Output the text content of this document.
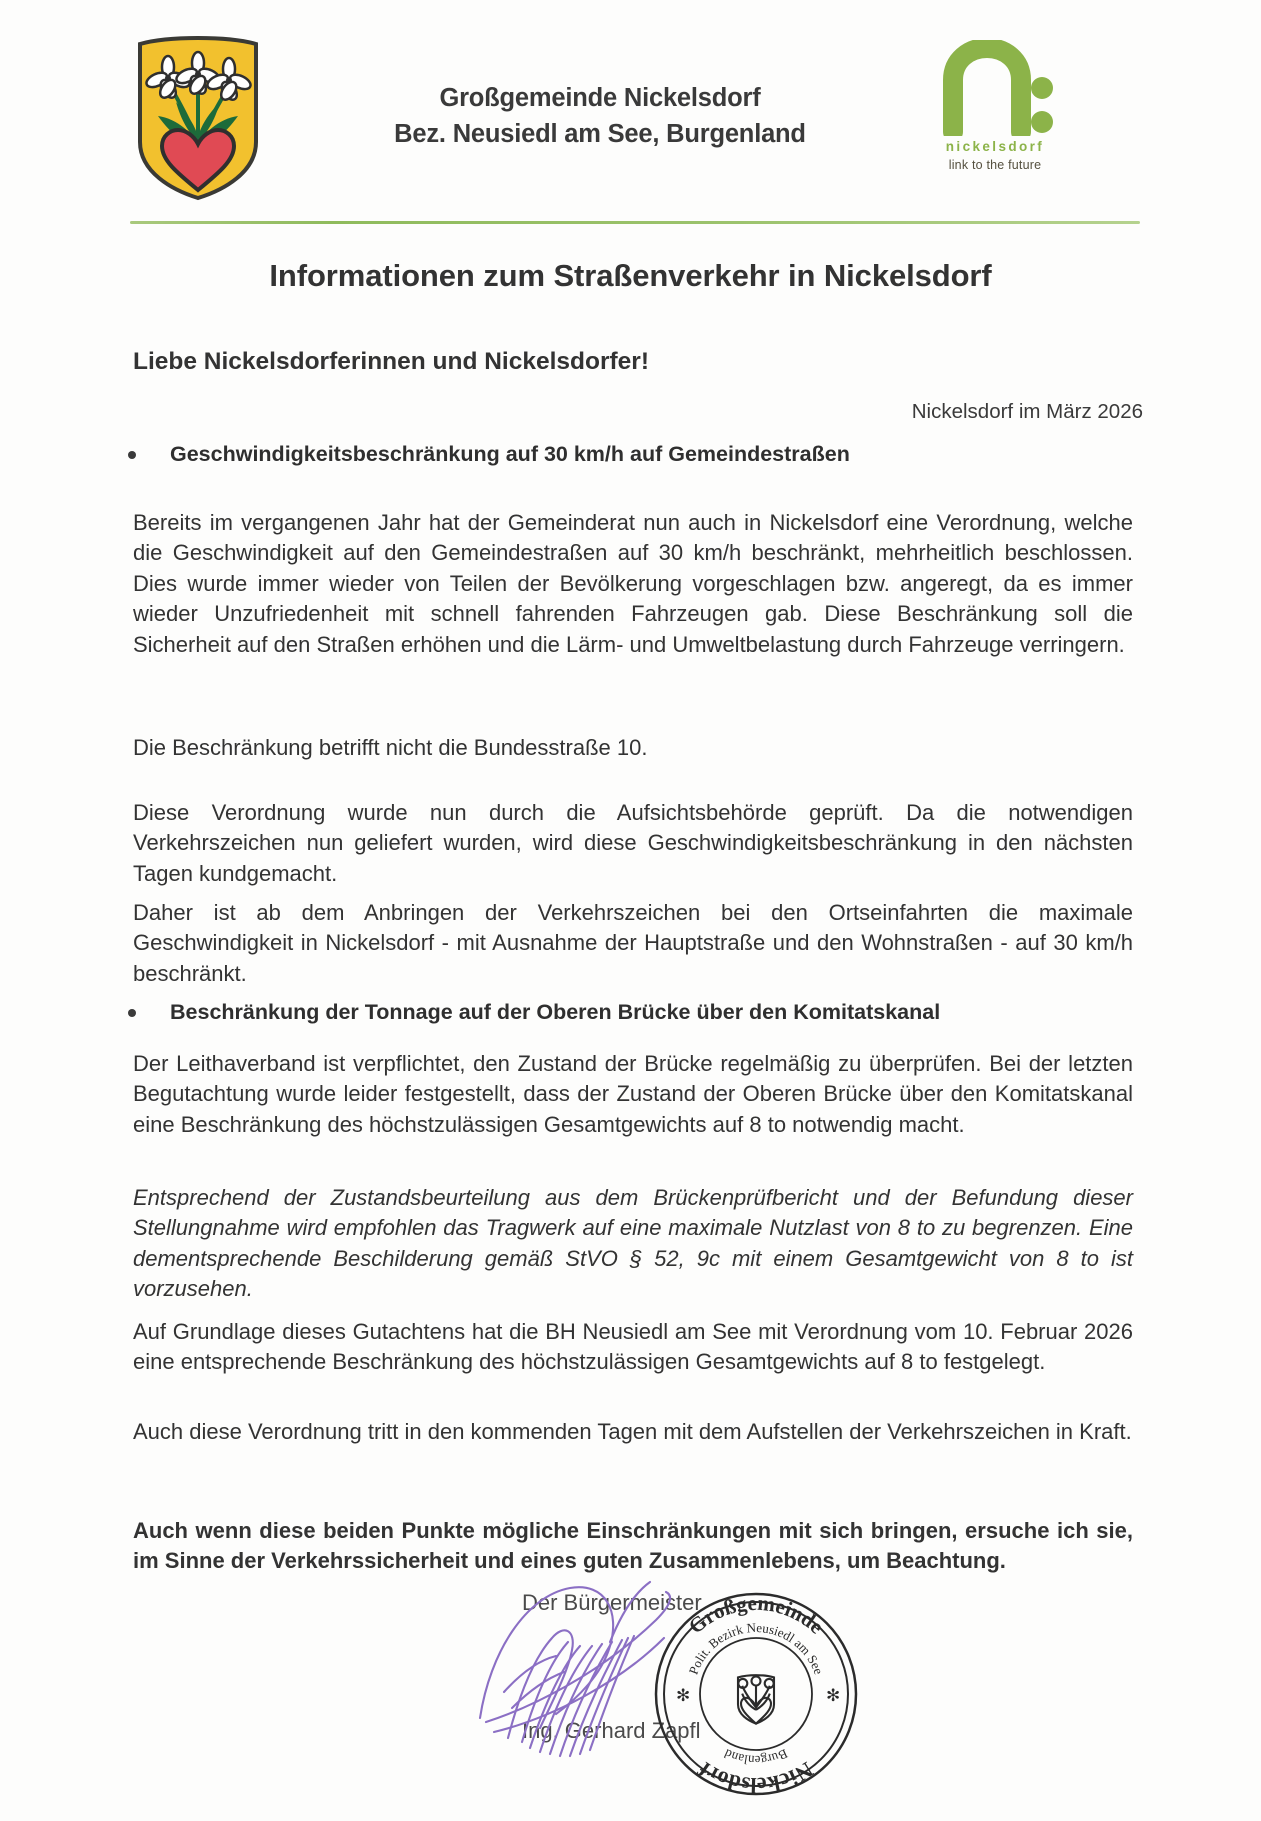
Großgemeinde Nickelsdorf
Bez. Neusiedl am See, Burgenland	nickelsdorf
link to the future
Informationen zum Straßenverkehr in Nickelsdorf
Liebe Nickelsdorferinnen und Nickelsdorfer!
Nickelsdorf im März 2026
Geschwindigkeitsbeschränkung auf 30 km/h auf Gemeindestraßen
Bereits im vergangenen Jahr hat der Gemeinderat nun auch in Nickelsdorf eine Verordnung, welche die Geschwindigkeit auf den Gemeindestraßen auf 30 km/h beschränkt, mehrheitlich beschlossen. Dies wurde immer wieder von Teilen der Bevölkerung vorgeschlagen bzw. angeregt, da es immer wieder Unzufriedenheit mit schnell fahrenden Fahrzeugen gab. Diese Beschränkung soll die Sicherheit auf den Straßen erhöhen und die Lärm- und Umweltbelastung durch Fahrzeuge verringern.
Die Beschränkung betrifft nicht die Bundesstraße 10.
Diese Verordnung wurde nun durch die Aufsichtsbehörde geprüft. Da die notwendigen Verkehrszeichen nun geliefert wurden, wird diese Geschwindigkeitsbeschränkung in den nächsten Tagen kundgemacht.
Daher ist ab dem Anbringen der Verkehrszeichen bei den Ortseinfahrten die maximale Geschwindigkeit in Nickelsdorf - mit Ausnahme der Hauptstraße und den Wohnstraßen - auf 30 km/h beschränkt.
Beschränkung der Tonnage auf der Oberen Brücke über den Komitatskanal
Der Leithaverband ist verpflichtet, den Zustand der Brücke regelmäßig zu überprüfen. Bei der letzten Begutachtung wurde leider festgestellt, dass der Zustand der Oberen Brücke über den Komitatskanal eine Beschränkung des höchstzulässigen Gesamtgewichts auf 8 to notwendig macht.
Entsprechend der Zustandsbeurteilung aus dem Brückenprüfbericht und der Befundung dieser Stellungnahme wird empfohlen das Tragwerk auf eine maximale Nutzlast von 8 to zu begrenzen. Eine dementsprechende Beschilderung gemäß StVO § 52, 9c mit einem Gesamtgewicht von 8 to ist vorzusehen.
Auf Grundlage dieses Gutachtens hat die BH Neusiedl am See mit Verordnung vom 10. Februar 2026 eine entsprechende Beschränkung des höchstzulässigen Gesamtgewichts auf 8 to festgelegt.
Auch diese Verordnung tritt in den kommenden Tagen mit dem Aufstellen der Verkehrszeichen in Kraft.
Auch wenn diese beiden Punkte mögliche Einschränkungen mit sich bringen, ersuche ich sie, im Sinne der Verkehrssicherheit und eines guten Zusammenlebens, um Beachtung.
Der Bürgermeister
Ing. Gerhard Zapfl
Großgemeinde
Polit. Bezirk Neusiedl am See
Burgenland
Nickelsdorf
✻	✻
